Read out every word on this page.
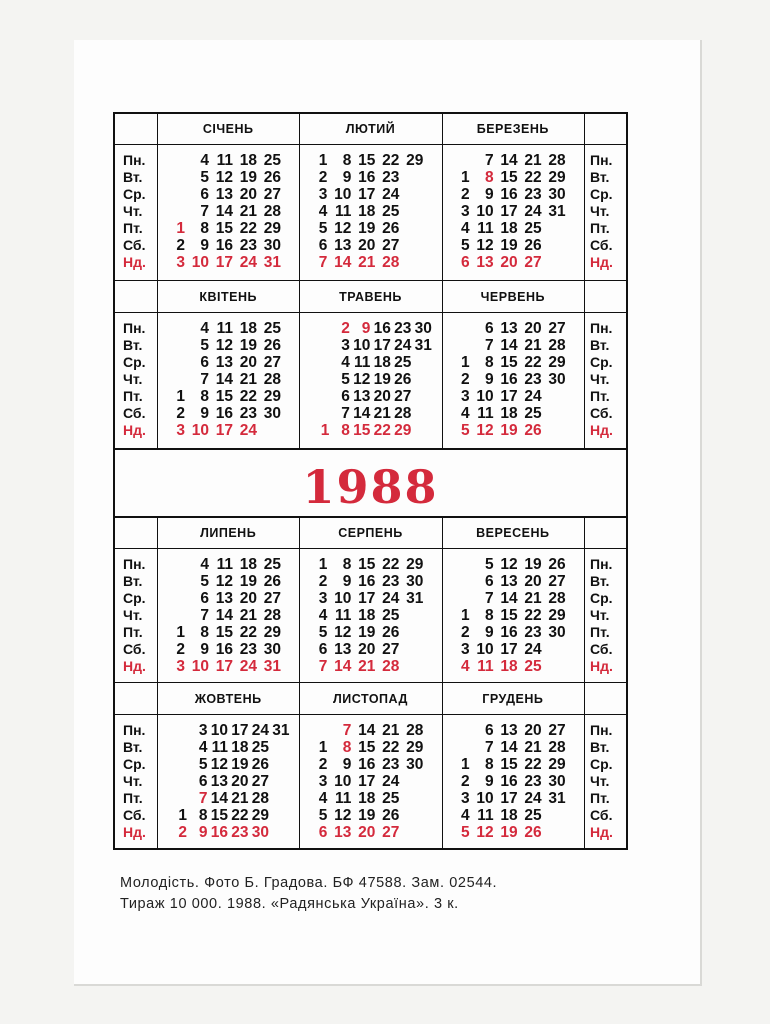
1988
Пн.
Вт.
Ср.
Чт.
Пт.
Сб.
Нд.
Пн.
Вт.
Ср.
Чт.
Пт.
Сб.
Нд.
СІЧЕНЬ
4 11 18 25
5 12 19 26
6 13 20 27
7 14 21 28
1 8 15 22 29
2 9 16 23 30
3 10 17 24 31
ЛЮТИЙ
1 8 15 22 29
2 9 16 23
3 10 17 24
4 11 18 25
5 12 19 26
6 13 20 27
7 14 21 28
БЕРЕЗЕНЬ
7 14 21 28
1 8 15 22 29
2 9 16 23 30
3 10 17 24 31
4 11 18 25
5 12 19 26
6 13 20 27
Пн.
Вт.
Ср.
Чт.
Пт.
Сб.
Нд.
Пн.
Вт.
Ср.
Чт.
Пт.
Сб.
Нд.
КВІТЕНЬ
4 11 18 25
5 12 19 26
6 13 20 27
7 14 21 28
1 8 15 22 29
2 9 16 23 30
3 10 17 24
ТРАВЕНЬ
2 9 16 23 30
3 10 17 24 31
4 11 18 25
5 12 19 26
6 13 20 27
7 14 21 28
1 8 15 22 29
ЧЕРВЕНЬ
6 13 20 27
7 14 21 28
1 8 15 22 29
2 9 16 23 30
3 10 17 24
4 11 18 25
5 12 19 26
Пн.
Вт.
Ср.
Чт.
Пт.
Сб.
Нд.
Пн.
Вт.
Ср.
Чт.
Пт.
Сб.
Нд.
ЛИПЕНЬ
4 11 18 25
5 12 19 26
6 13 20 27
7 14 21 28
1 8 15 22 29
2 9 16 23 30
3 10 17 24 31
СЕРПЕНЬ
1 8 15 22 29
2 9 16 23 30
3 10 17 24 31
4 11 18 25
5 12 19 26
6 13 20 27
7 14 21 28
ВЕРЕСЕНЬ
5 12 19 26
6 13 20 27
7 14 21 28
1 8 15 22 29
2 9 16 23 30
3 10 17 24
4 11 18 25
Пн.
Вт.
Ср.
Чт.
Пт.
Сб.
Нд.
Пн.
Вт.
Ср.
Чт.
Пт.
Сб.
Нд.
ЖОВТЕНЬ
3 10 17 24 31
4 11 18 25
5 12 19 26
6 13 20 27
7 14 21 28
1 8 15 22 29
2 9 16 23 30
ЛИСТОПАД
7 14 21 28
1 8 15 22 29
2 9 16 23 30
3 10 17 24
4 11 18 25
5 12 19 26
6 13 20 27
ГРУДЕНЬ
6 13 20 27
7 14 21 28
1 8 15 22 29
2 9 16 23 30
3 10 17 24 31
4 11 18 25
5 12 19 26
Молодість. Фото Б. Градова. БФ 47588. Зам. 02544.
Тираж 10 000. 1988. «Радянська Україна». 3 к.
